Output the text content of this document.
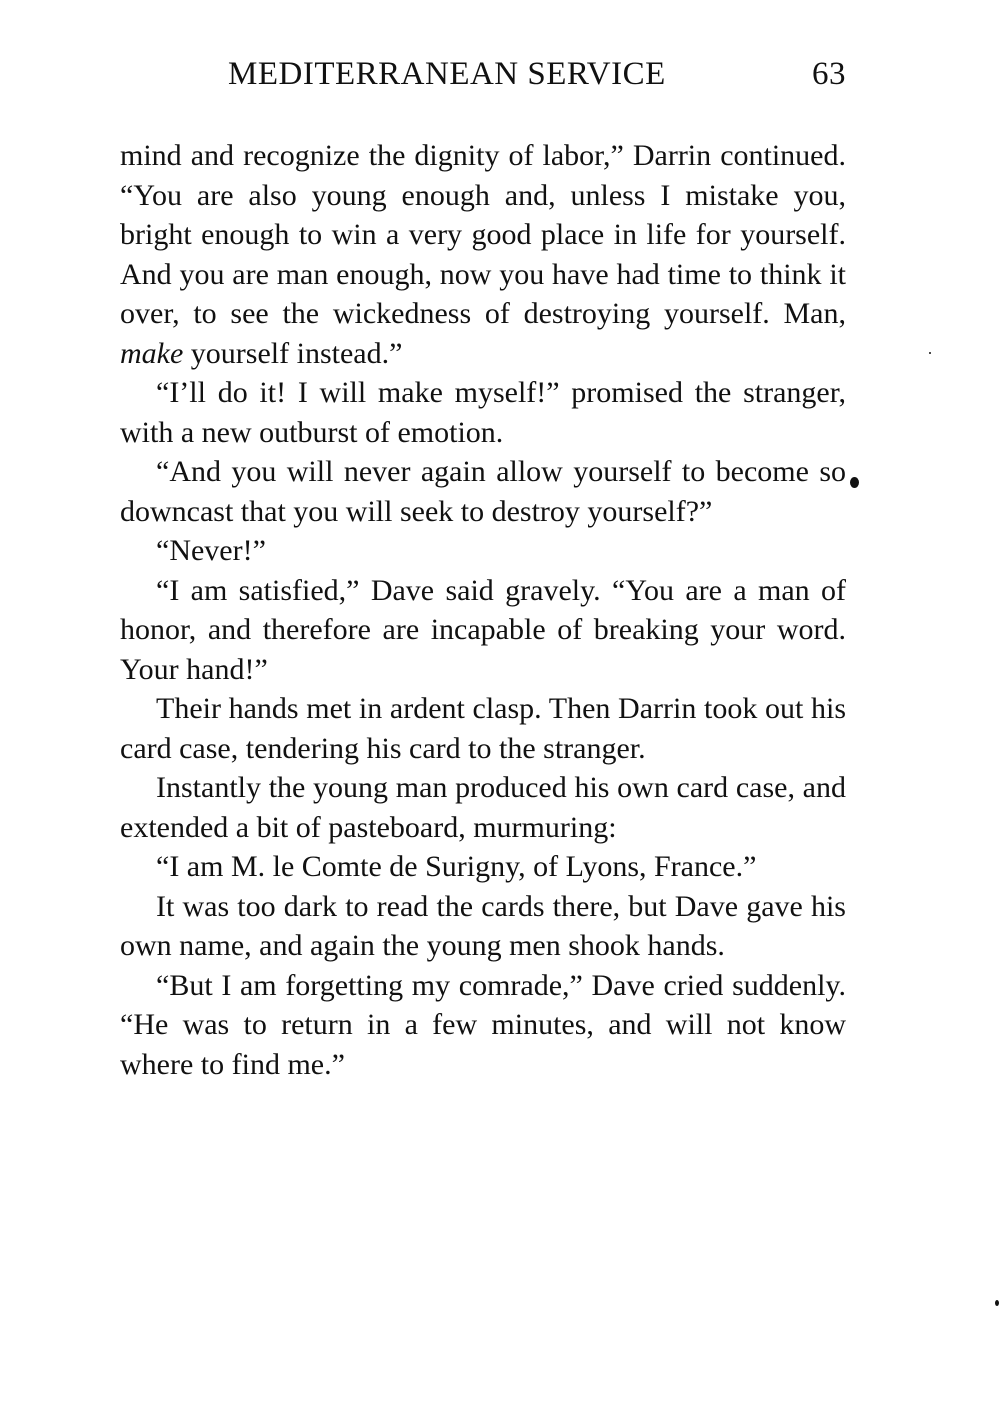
MEDITERRANEAN SERVICE	63

mind and recognize the dignity of labor,” Darrin continued. “You are also young enough and, unless I mistake you, bright enough to win a very good place in life for yourself. And you are man enough, now you have had time to think it over, to see the wickedness of destroying yourself. Man, make yourself instead.”

“I’ll do it! I will make myself!” promised the stranger, with a new outburst of emotion.

“And you will never again allow yourself to become so downcast that you will seek to destroy yourself?”

“Never!”

“I am satisfied,” Dave said gravely. “You are a man of honor, and therefore are incapable of breaking your word. Your hand!”

Their hands met in ardent clasp. Then Darrin took out his card case, tendering his card to the stranger.

Instantly the young man produced his own card case, and extended a bit of pasteboard, murmuring:

“I am M. le Comte de Surigny, of Lyons, France.”

It was too dark to read the cards there, but Dave gave his own name, and again the young men shook hands.

“But I am forgetting my comrade,” Dave cried suddenly. “He was to return in a few minutes, and will not know where to find me.”
